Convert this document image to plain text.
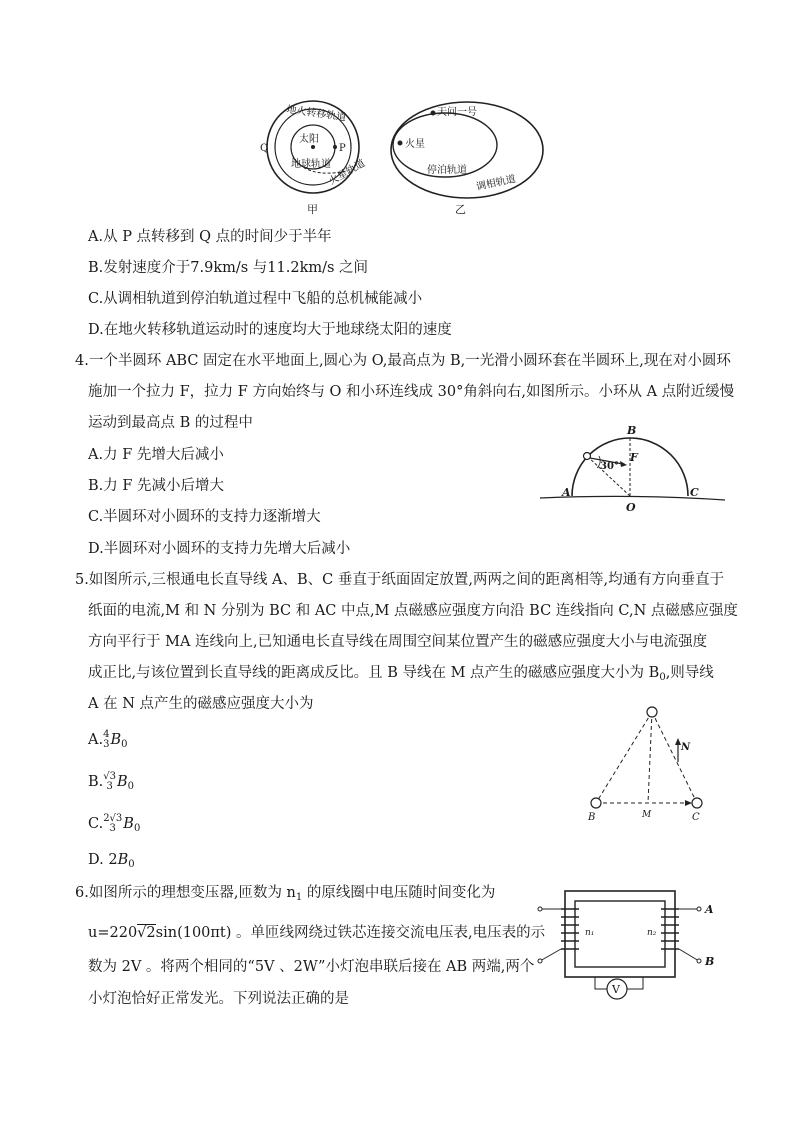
太阳
P
Q
地火转移轨道
地球轨道
火星轨道
甲
火星
天问一号
停泊轨道
调相轨道
乙
A.从 P 点转移到 Q 点的时间少于半年
B.发射速度介于7.9km/s 与11.2km/s 之间
C.从调相轨道到停泊轨道过程中飞船的总机械能减小
D.在地火转移轨道运动时的速度均大于地球绕太阳的速度
4.一个半圆环 ABC 固定在水平地面上,圆心为 O,最高点为 B,一光滑小圆环套在半圆环上,现在对小圆环
施加一个拉力 F，拉力 F 方向始终与 O 和小环连线成 30°角斜向右,如图所示。小环从 A 点附近缓慢
运动到最高点 B 的过程中
A.力 F 先增大后减小
B.力 F 先减小后增大
C.半圆环对小圆环的支持力逐渐增大
D.半圆环对小圆环的支持力先增大后减小
30°
B
F
A	C
O
5.如图所示,三根通电长直导线 A、B、C 垂直于纸面固定放置,两两之间的距离相等,均通有方向垂直于
纸面的电流,M 和 N 分别为 BC 和 AC 中点,M 点磁感应强度方向沿 BC 连线指向 C,N 点磁感应强度
方向平行于 MA 连线向上,已知通电长直导线在周围空间某位置产生的磁感应强度大小与电流强度
成正比,与该位置到长直导线的距离成反比。且 B 导线在 M 点产生的磁感应强度大小为 $B_0$,则导线
A 在 N 点产生的磁感应强度大小为
A. 4
3 $B_0$
B. √3
3 $B_0$
C. 2√3
3 $B_0$
D. $2B_0$
N
M
B	C
6.如图所示的理想变压器,匝数为 $n_1$ 的原线圈中电压随时间变化为
u=220√2sin(100πt) 。单匝线网绕过铁芯连接交流电压表,电压表的示
数为 2V 。将两个相同的“5V 、2W”小灯泡串联后接在 AB 两端,两个
小灯泡恰好正常发光。下列说法正确的是
n₁	n₂
A
B
V
